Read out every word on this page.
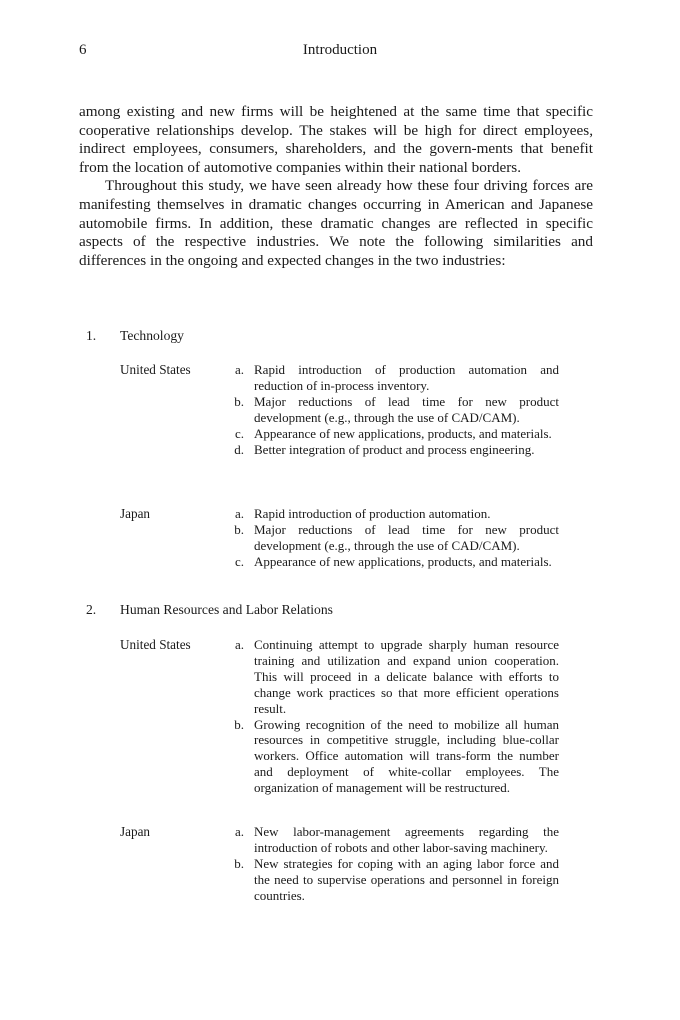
6	Introduction

among existing and new firms will be heightened at the same time that specific cooperative relationships develop. The stakes will be high for direct employees, indirect employees, consumers, shareholders, and the govern-ments that benefit from the location of automotive companies within their national borders.

Throughout this study, we have seen already how these four driving forces are manifesting themselves in dramatic changes occurring in American and Japanese automobile firms. In addition, these dramatic changes are reflected in specific aspects of the respective industries. We note the following similarities and differences in the ongoing and expected changes in the two industries:

1. Technology
United States	a. Rapid introduction of production automation and reduction of in-process inventory.
b. Major reductions of lead time for new product development (e.g., through the use of CAD/CAM).
c. Appearance of new applications, products, and materials.
d. Better integration of product and process engineering.
Japan	a. Rapid introduction of production automation.
b. Major reductions of lead time for new product development (e.g., through the use of CAD/CAM).
c. Appearance of new applications, products, and materials.
2. Human Resources and Labor Relations
United States	a. Continuing attempt to upgrade sharply human resource training and utilization and expand union cooperation. This will proceed in a delicate balance with efforts to change work practices so that more efficient operations result.
b. Growing recognition of the need to mobilize all human resources in competitive struggle, including blue-collar workers. Office automation will trans-form the number and deployment of white-collar employees. The organization of management will be restructured.
Japan	a. New labor-management agreements regarding the introduction of robots and other labor-saving machinery.
b. New strategies for coping with an aging labor force and the need to supervise operations and personnel in foreign countries.
